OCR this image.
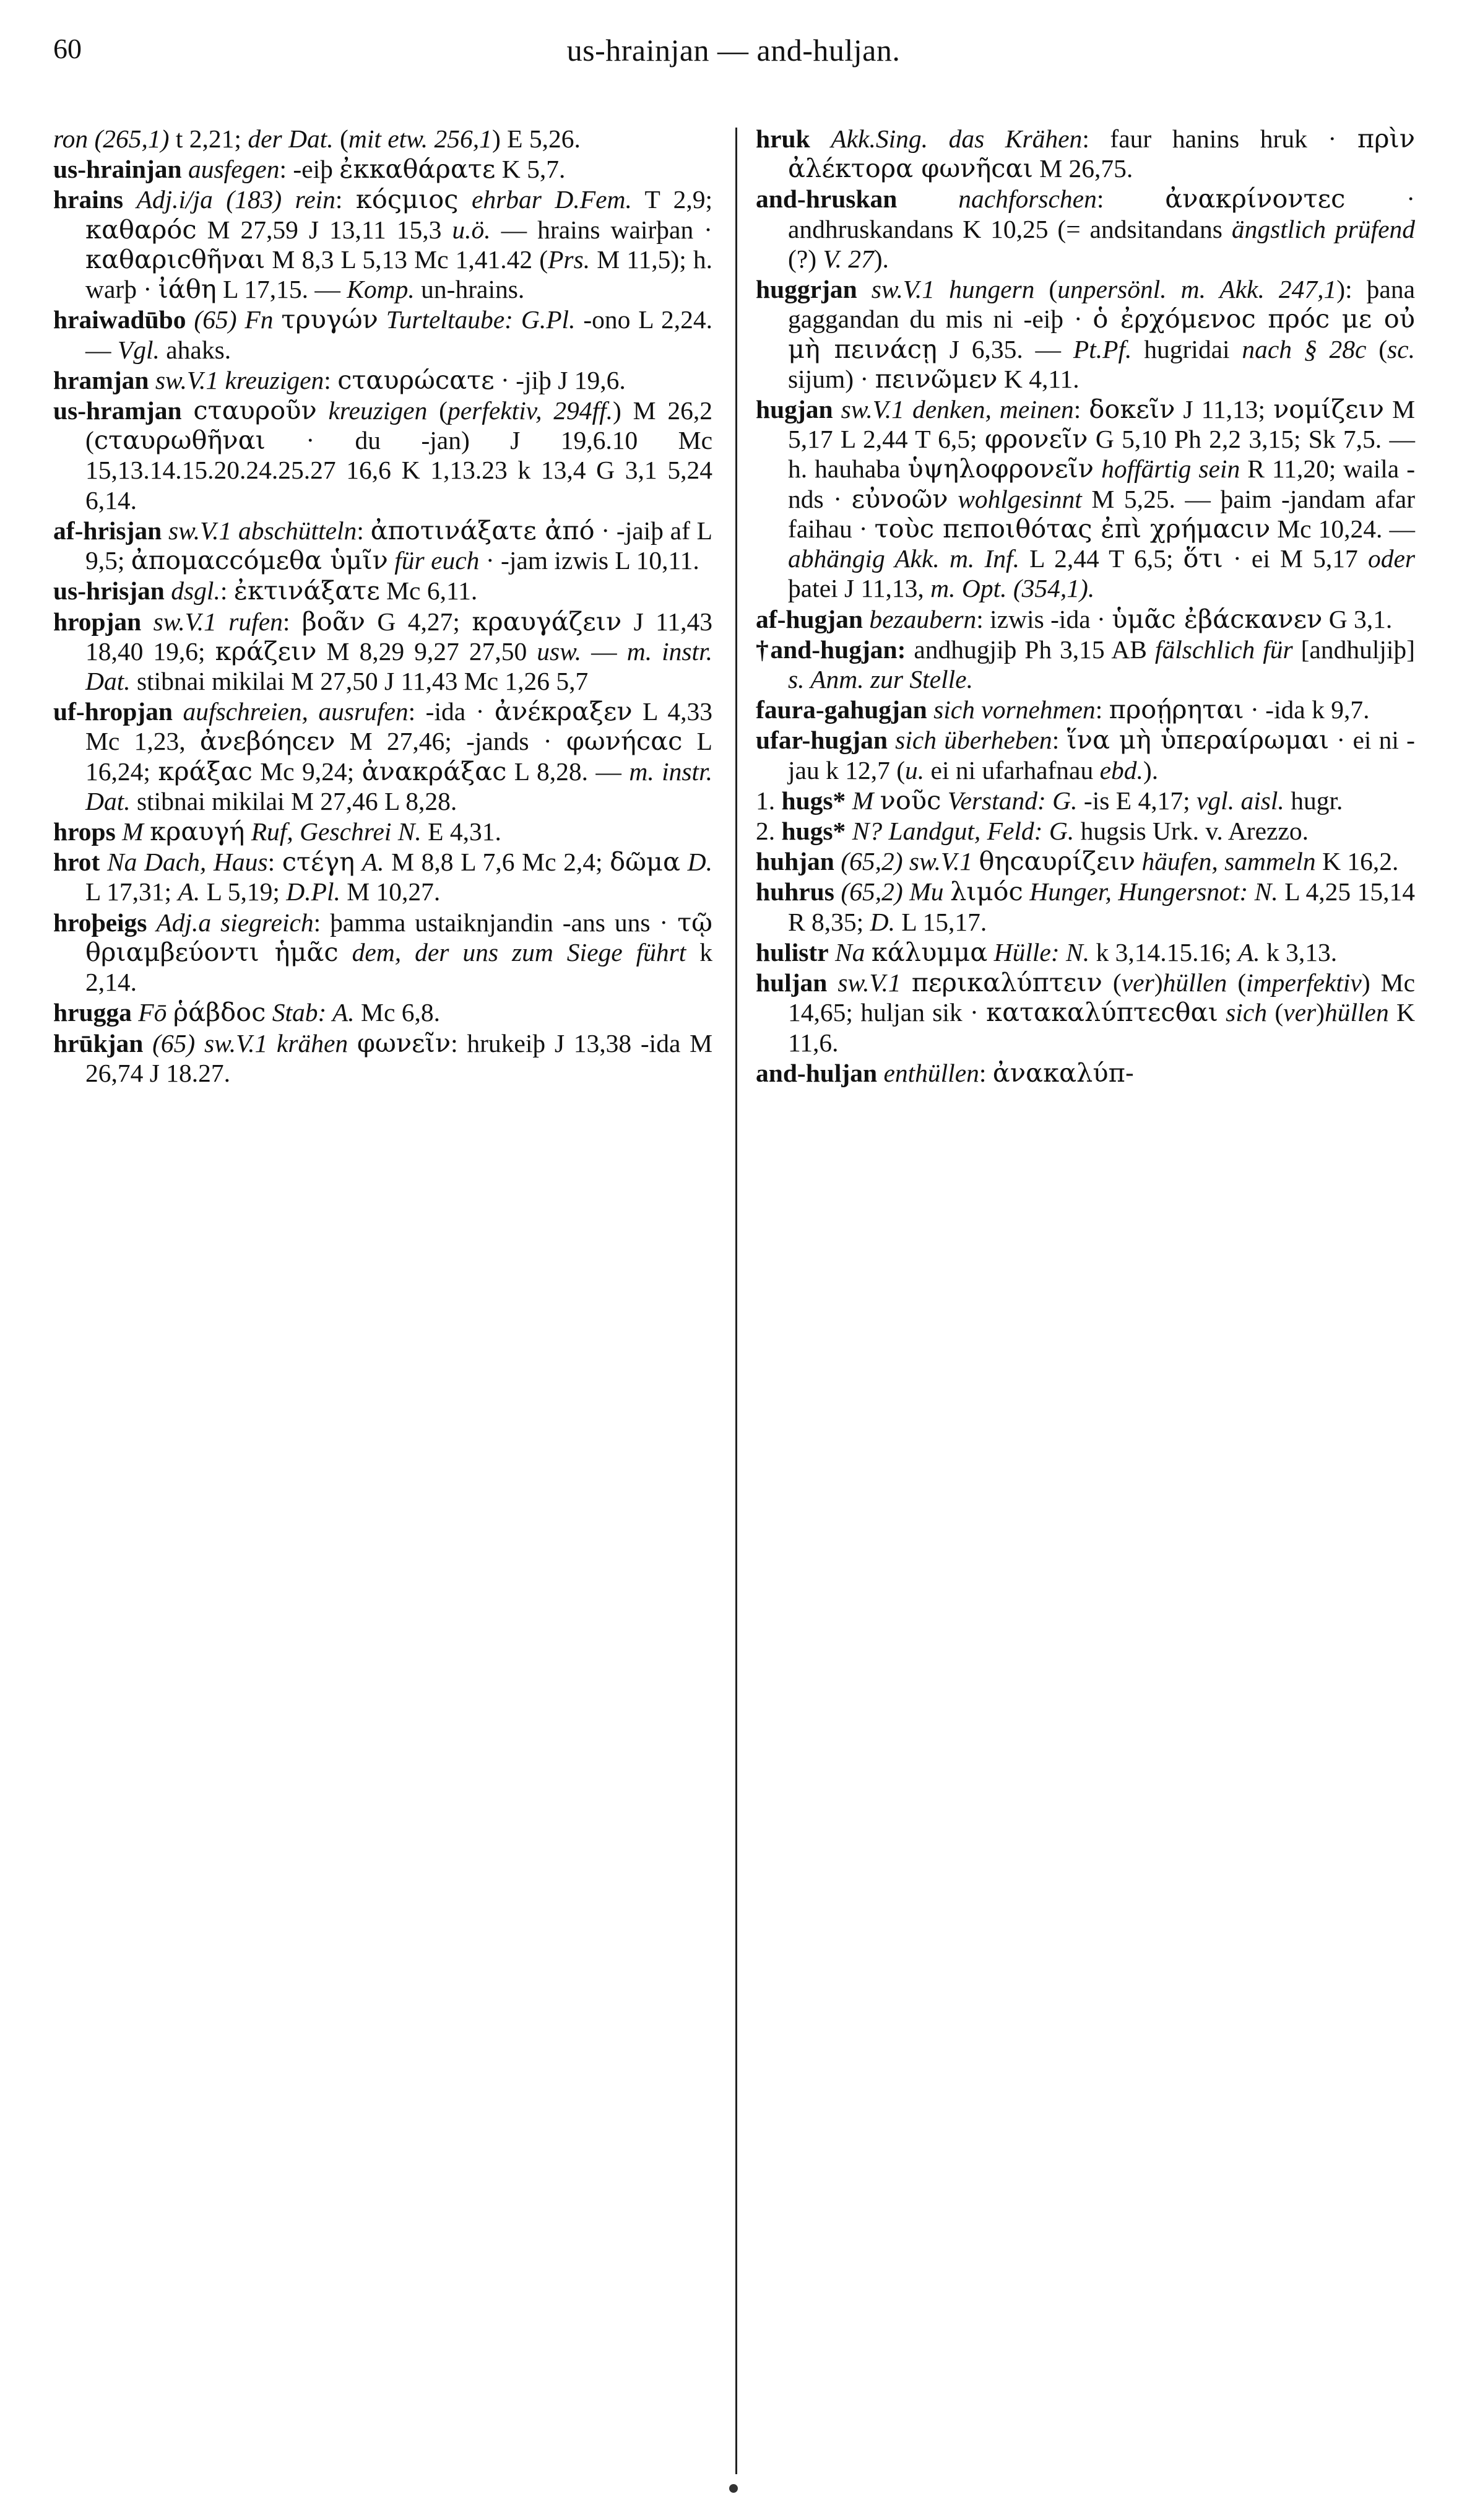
60	us-hrainjan — and-huljan.

ron (265,1) t 2,21; der Dat. (mit etw. 256,1) E 5,26.

us-hrainjan ausfegen: -eiþ ἐκκαθάρατε K 5,7.

hrains Adj.i/ja (183) rein: κόςμιος ehrbar D.Fem. T 2,9; καθαρόc M 27,59 J 13,11 15,3 u.ö. — hrains wairþan · καθαριcθῆναι M 8,3 L 5,13 Mc 1,41.42 (Prs. M 11,5); h. warþ · ἰάθη L 17,15. — Komp. un-hrains.

hraiwadūbo (65) Fn τρυγών Turteltaube: G.Pl. -ono L 2,24. — Vgl. ahaks.

hramjan sw.V.1 kreuzigen: cταυρώcατε · -jiþ J 19,6.

us-hramjan cταυροῦν kreuzigen (perfektiv, 294ff.) M 26,2 (cταυρωθῆναι · du -jan) J 19,6.10 Mc 15,13.14.15.20.24.25.27 16,6 K 1,13.23 k 13,4 G 3,1 5,24 6,14.

af-hrisjan sw.V.1 abschütteln: ἀποτινάξατε ἀπό · -jaiþ af L 9,5; ἀπομαccόμεθα ὑμῖν für euch · -jam izwis L 10,11.

us-hrisjan dsgl.: ἐκτινάξατε Mc 6,11.

hropjan sw.V.1 rufen: βοᾶν G 4,27; κραυγάζειν J 11,43 18,40 19,6; κράζειν M 8,29 9,27 27,50 usw. — m. instr. Dat. stibnai mikilai M 27,50 J 11,43 Mc 1,26 5,7

uf-hropjan aufschreien, ausrufen: -ida · ἀνέκραξεν L 4,33 Mc 1,23, ἀνεβόηcεν M 27,46; -jands · φωνήcαc L 16,24; κράξαc Mc 9,24; ἀνακράξαc L 8,28. — m. instr. Dat. stibnai mikilai M 27,46 L 8,28.

hrops M κραυγή Ruf, Geschrei N. E 4,31.

hrot Na Dach, Haus: cτέγη A. M 8,8 L 7,6 Mc 2,4; δῶμα D. L 17,31; A. L 5,19; D.Pl. M 10,27.

hroþeigs Adj.a siegreich: þamma ustaiknjandin -ans uns · τῷ θριαμβεύοντι ἡμᾶc dem, der uns zum Siege führt k 2,14.

hrugga Fō ῥάβδοc Stab: A. Mc 6,8.

hrūkjan (65) sw.V.1 krähen φωνεῖν: hrukeiþ J 13,38 -ida M 26,74 J 18.27.

hruk Akk.Sing. das Krähen: faur hanins hruk · πρὶν ἀλέκτορα φωνῆcαι M 26,75.

and-hruskan nachforschen: ἀνακρίνοντεc · andhruskandans K 10,25 (= andsitandans ängstlich prüfend (?) V. 27).

huggrjan sw.V.1 hungern (unpersönl. m. Akk. 247,1): þana gaggandan du mis ni -eiþ · ὁ ἐρχόμενοc πρόc με οὐ μὴ πεινάcῃ J 6,35. — Pt.Pf. hugridai nach § 28c (sc. sijum) · πεινῶμεν K 4,11.

hugjan sw.V.1 denken, meinen: δοκεῖν J 11,13; νομίζειν M 5,17 L 2,44 T 6,5; φρονεῖν G 5,10 Ph 2,2 3,15; Sk 7,5. — h. hauhaba ὑψηλοφρονεῖν hoffärtig sein R 11,20; waila -nds · εὐνοῶν wohlgesinnt M 5,25. — þaim -jandam afar faihau · τοὺc πεποιθότας ἐπὶ χρήμαcιν Mc 10,24. — abhängig Akk. m. Inf. L 2,44 T 6,5; ὅτι · ei M 5,17 oder þatei J 11,13, m. Opt. (354,1).

af-hugjan bezaubern: izwis -ida · ὑμᾶc ἐβάcκανεν G 3,1.

†and-hugjan: andhugjiþ Ph 3,15 AB fälschlich für [andhuljiþ] s. Anm. zur Stelle.

faura-gahugjan sich vornehmen: προῄρηται · -ida k 9,7.

ufar-hugjan sich überheben: ἵνα μὴ ὑπεραίρωμαι · ei ni -jau k 12,7 (u. ei ni ufarhafnau ebd.).

1. hugs* M νοῦc Verstand: G. -is E 4,17; vgl. aisl. hugr.

2. hugs* N? Landgut, Feld: G. hugsis Urk. v. Arezzo.

huhjan (65,2) sw.V.1 θηcαυρίζειν häufen, sammeln K 16,2.

huhrus (65,2) Mu λιμόc Hunger, Hungersnot: N. L 4,25 15,14 R 8,35; D. L 15,17.

hulistr Na κάλυμμα Hülle: N. k 3,14.15.16; A. k 3,13.

huljan sw.V.1 περικαλύπτειν (ver)hüllen (imperfektiv) Mc 14,65; huljan sik · κατακαλύπτεcθαι sich (ver)hüllen K 11,6.

and-huljan enthüllen: ἀνακαλύπ-
